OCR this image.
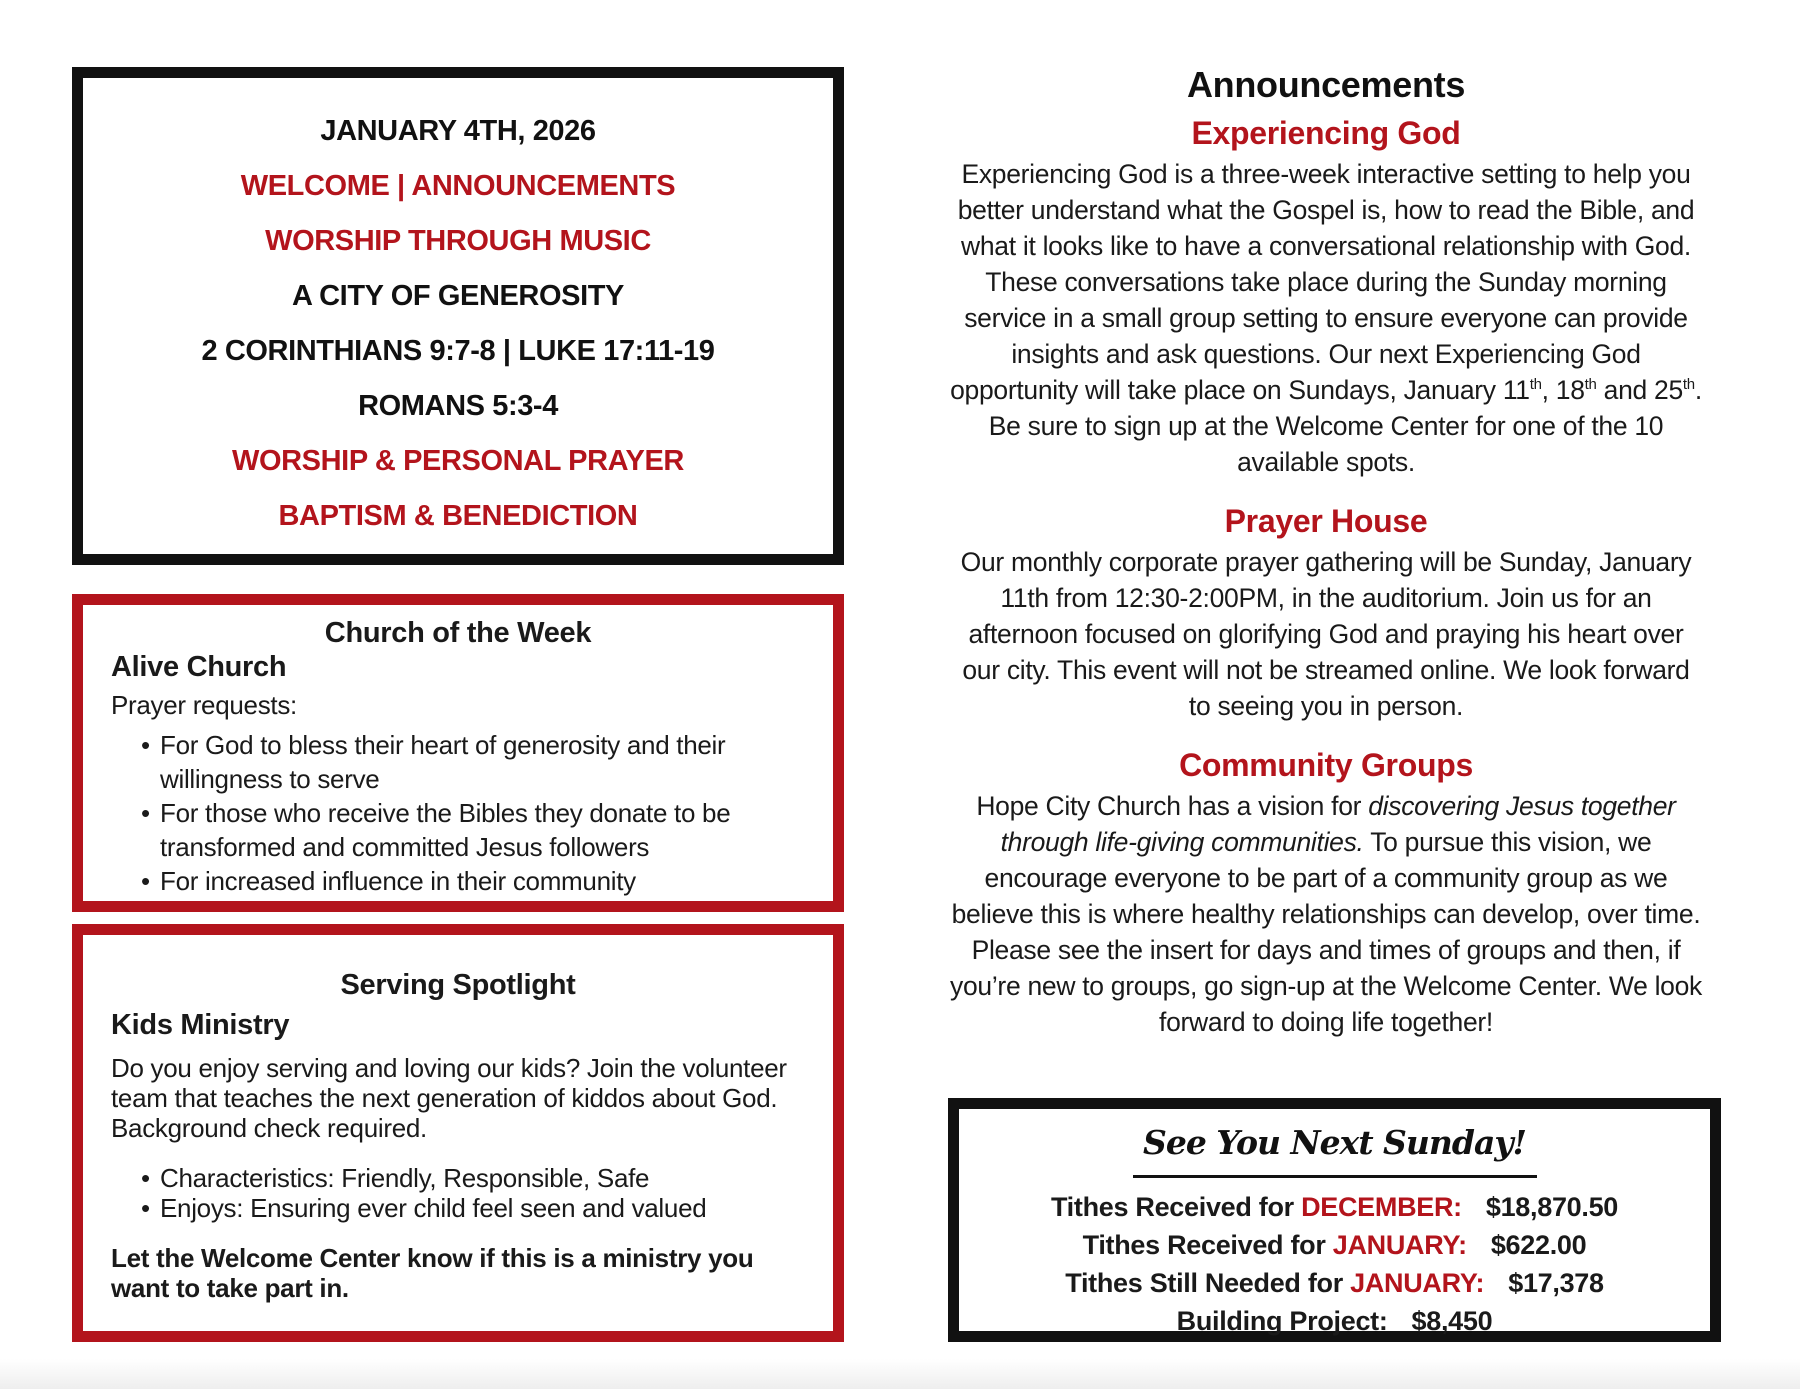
JANUARY 4TH, 2026
WELCOME | ANNOUNCEMENTS
WORSHIP THROUGH MUSIC
A CITY OF GENEROSITY
2 CORINTHIANS 9:7-8 | LUKE 17:11-19
ROMANS 5:3-4
WORSHIP & PERSONAL PRAYER
BAPTISM & BENEDICTION
Church of the Week
Alive Church
Prayer requests:
• For God to bless their heart of generosity and their willingness to serve
• For those who receive the Bibles they donate to be transformed and committed Jesus followers
• For increased influence in their community
Serving Spotlight
Kids Ministry
Do you enjoy serving and loving our kids? Join the volunteer team that teaches the next generation of kiddos about God. Background check required.
• Characteristics: Friendly, Responsible, Safe
• Enjoys: Ensuring ever child feel seen and valued
Let the Welcome Center know if this is a ministry you want to take part in.
Announcements
Experiencing God
Experiencing God is a three-week interactive setting to help you better understand what the Gospel is, how to read the Bible, and what it looks like to have a conversational relationship with God. These conversations take place during the Sunday morning service in a small group setting to ensure everyone can provide insights and ask questions. Our next Experiencing God opportunity will take place on Sundays, January 11th, 18th and 25th. Be sure to sign up at the Welcome Center for one of the 10 available spots.
Prayer House
Our monthly corporate prayer gathering will be Sunday, January 11th from 12:30-2:00PM, in the auditorium. Join us for an afternoon focused on glorifying God and praying his heart over our city. This event will not be streamed online. We look forward to seeing you in person.
Community Groups
Hope City Church has a vision for discovering Jesus together through life-giving communities. To pursue this vision, we encourage everyone to be part of a community group as we believe this is where healthy relationships can develop, over time. Please see the insert for days and times of groups and then, if you’re new to groups, go sign-up at the Welcome Center. We look forward to doing life together!
See You Next Sunday!
Tithes Received for DECEMBER: $18,870.50
Tithes Received for JANUARY: $622.00
Tithes Still Needed for JANUARY: $17,378
Building Project: $8,450
